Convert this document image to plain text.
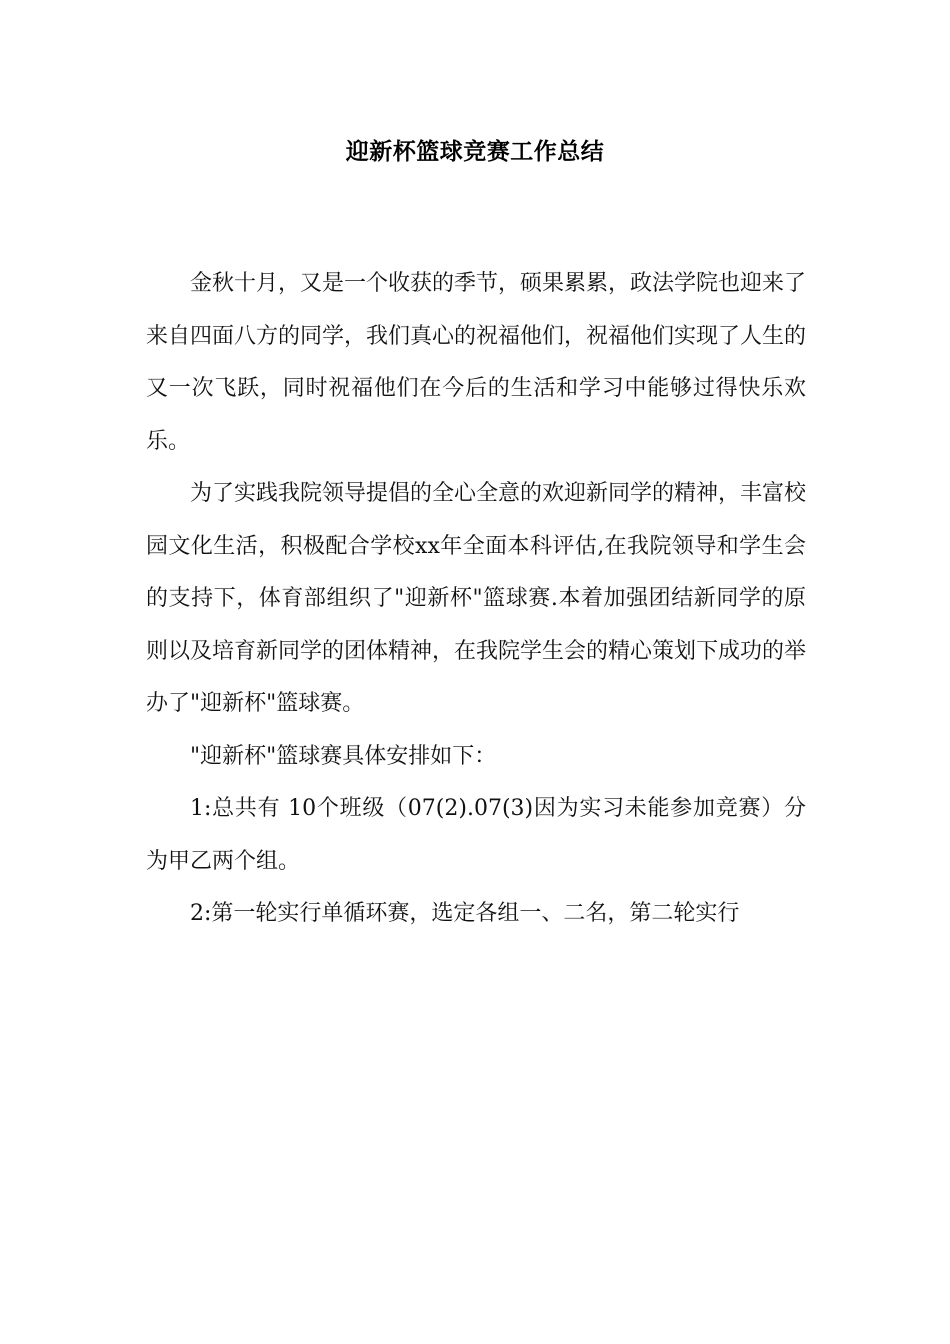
迎新杯篮球竞赛工作总结

金秋十月，又是一个收获的季节，硕果累累，政法学院也迎来了来自四面八方的同学，我们真心的祝福他们，祝福他们实现了人生的又一次飞跃，同时祝福他们在今后的生活和学习中能够过得快乐欢乐。

为了实践我院领导提倡的全心全意的欢迎新同学的精神，丰富校园文化生活，积极配合学校xx年全面本科评估,在我院领导和学生会的支持下，体育部组织了"迎新杯"篮球赛.本着加强团结新同学的原则以及培育新同学的团体精神，在我院学生会的精心策划下成功的举办了"迎新杯"篮球赛。

"迎新杯"篮球赛具体安排如下：

1:总共有 10个班级（07(2).07(3)因为实习未能参加竞赛）分为甲乙两个组。

2:第一轮实行单循环赛，选定各组一、二名，第二轮实行
